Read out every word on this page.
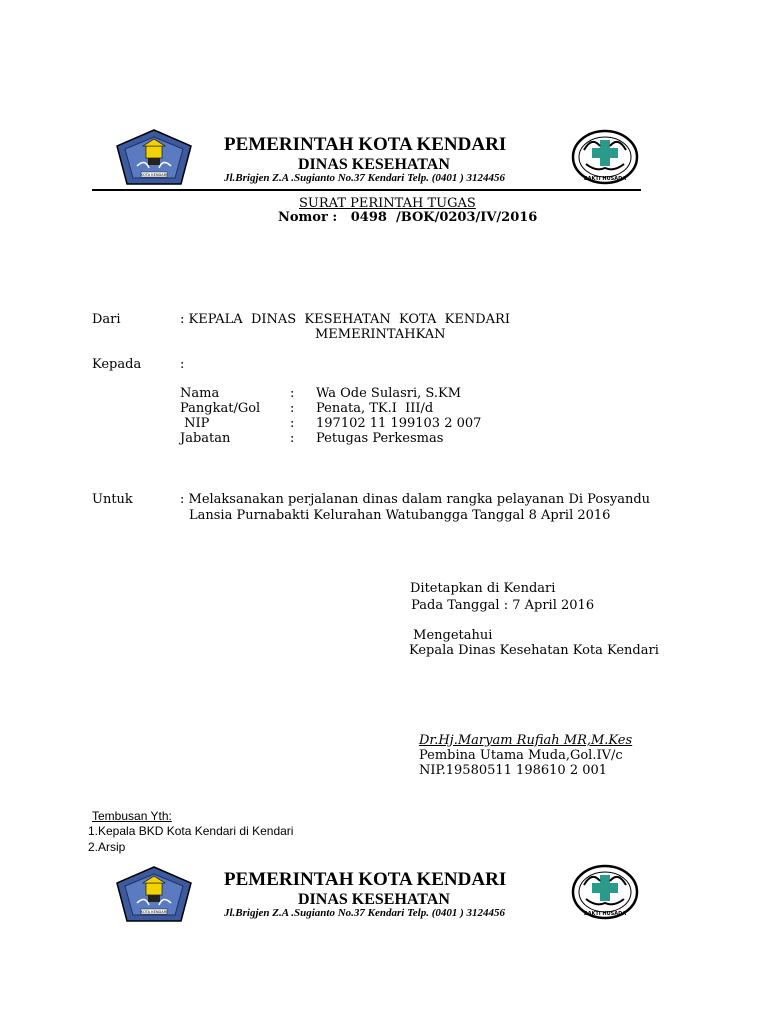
KOTA KENDARI
PEMERINTAH KOTA KENDARI
DINAS KESEHATAN
Jl.Brigjen Z.A .Sugianto No.37 Kendari Telp. (0401 ) 3124456	BAKTI HUSADA
SURAT PERINTAH TUGAS
Nomor :   0498  /BOK/0203/IV/2016
Dari	: KEPALA  DINAS  KESEHATAN  KOTA  KENDARI
MEMERINTAHKAN
Kepada	:
Nama	: Wa Ode Sulasri, S.KM
Pangkat/Gol : Penata, TK.I  III/d
NIP	: 197102 11 199103 2 007
Jabatan	: Petugas Perkesmas
Untuk	: Melaksanakan perjalanan dinas dalam rangka pelayanan Di Posyandu
Lansia Purnabakti Kelurahan Watubangga Tanggal 8 April 2016
Ditetapkan di Kendari
Pada Tanggal : 7 April 2016
Mengetahui
Kepala Dinas Kesehatan Kota Kendari
Dr.Hj.Maryam Rufiah MR,M.Kes
Pembina Utama Muda,Gol.IV/c
NIP.19580511 198610 2 001
Tembusan Yth:
1.Kepala BKD Kota Kendari di Kendari
2.Arsip
KOTA KENDARI
PEMERINTAH KOTA KENDARI
DINAS KESEHATAN
Jl.Brigjen Z.A .Sugianto No.37 Kendari Telp. (0401 ) 3124456	BAKTI HUSADA
